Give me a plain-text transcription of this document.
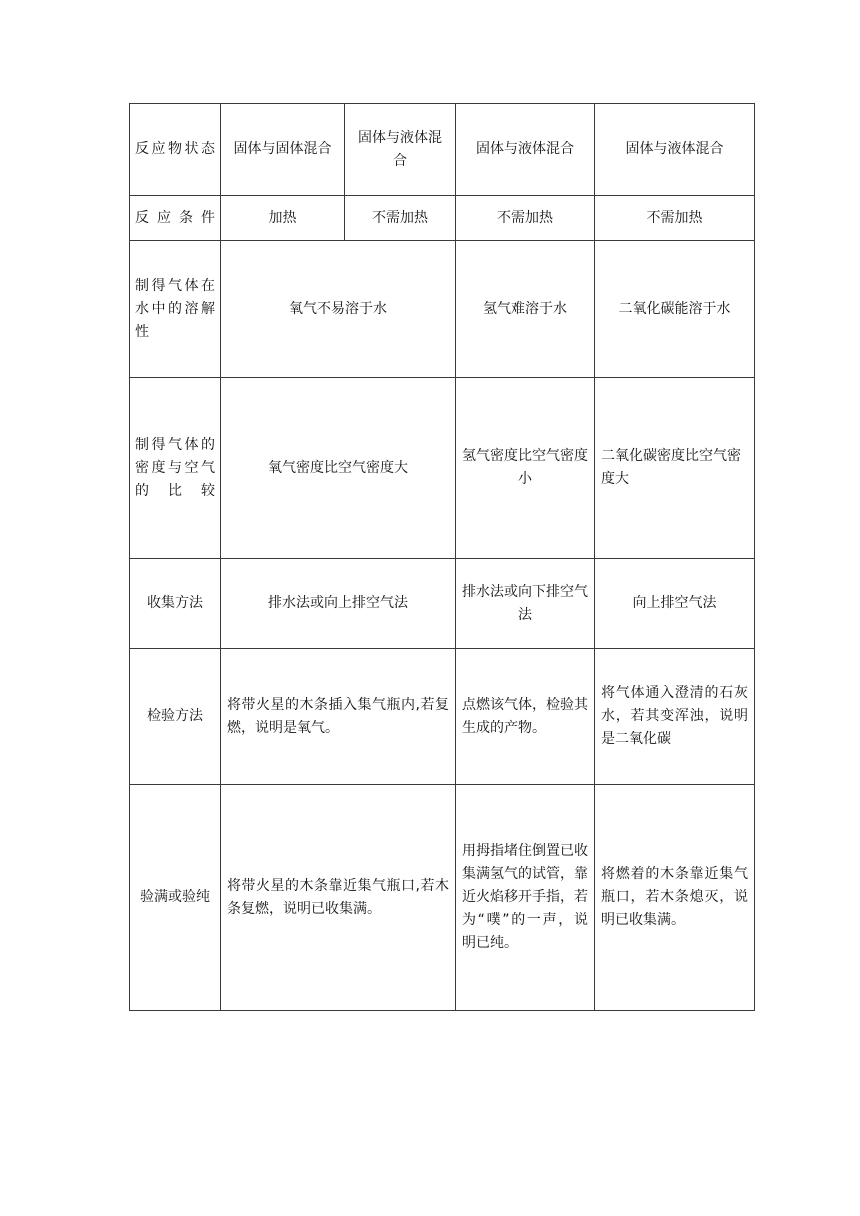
反应物状态	固体与固体混合	固体与液体混合	固体与液体混合	固体与液体混合
反应条件	加热	不需加热	不需加热	不需加热
制得气体在水中的溶解性	氧气不易溶于水		氢气难溶于水	二氧化碳能溶于水
制得气体的密度与空气的比较	氧气密度比空气密度大		氢气密度比空气密度小	二氧化碳密度比空气密度大
收集方法	排水法或向上排空气法		排水法或向下排空气法	向上排空气法
检验方法	将带火星的木条插入集气瓶内,若复燃，说明是氧气。		点燃该气体，检验其生成的产物。	将气体通入澄清的石灰水，若其变浑浊，说明是二氧化碳
验满或验纯	将带火星的木条靠近集气瓶口,若木条复燃，说明已收集满。		用拇指堵住倒置已收集满氢气的试管，靠近火焰移开手指，若为“噗”的一声，说明已纯。	将燃着的木条靠近集气瓶口，若木条熄灭，说明已收集满。
